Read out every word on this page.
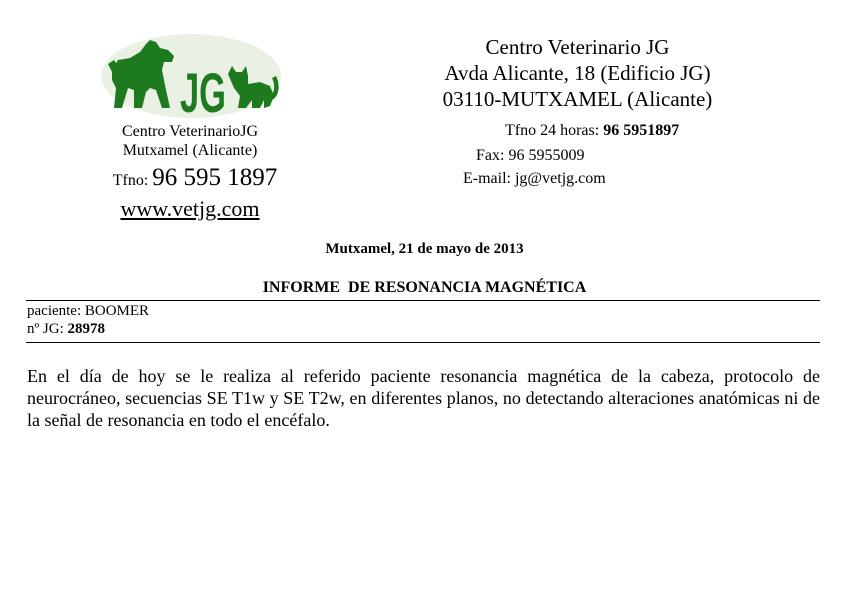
JG
Centro VeterinarioJG
Mutxamel (Alicante)
Tfno: 96 595 1897
www.vetjg.com
Centro Veterinario JG
Avda Alicante, 18 (Edificio JG)
03110-MUTXAMEL (Alicante)
Tfno 24 horas: 96 5951897
Fax: 96 5955009
E-mail: jg@vetjg.com
Mutxamel, 21 de mayo de 2013
INFORME  DE RESONANCIA MAGNÉTICA
paciente: BOOMER
nº JG: 28978
En el día de hoy se le realiza al referido paciente resonancia magnética de la cabeza, protocolo de neurocráneo, secuencias SE T1w y SE T2w, en diferentes planos, no detectando alteraciones anatómicas ni de la señal de resonancia en todo el encéfalo.
